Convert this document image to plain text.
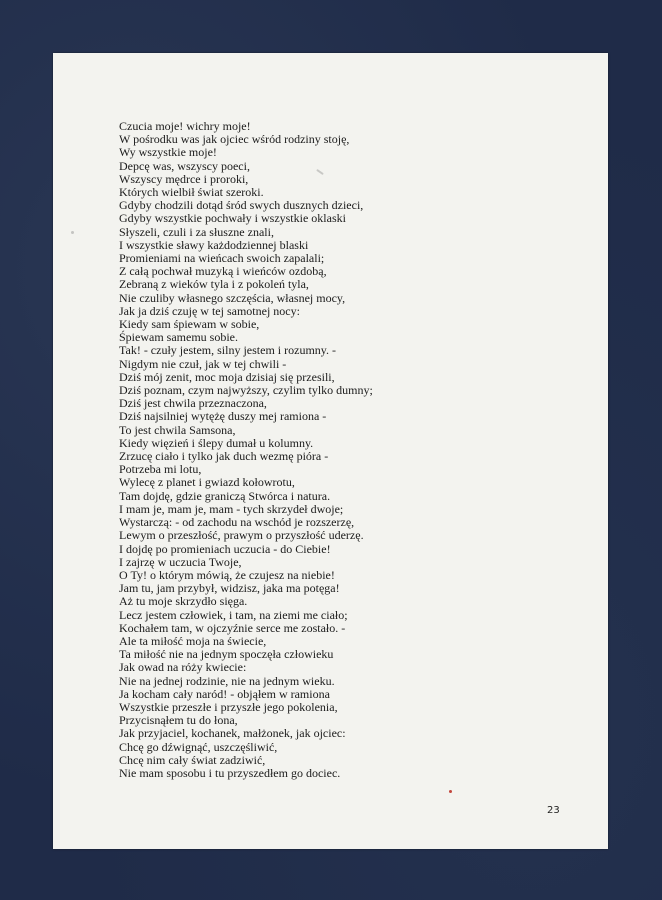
Czucia moje! wichry moje!
W pośrodku was jak ojciec wśród rodziny stoję,
Wy wszystkie moje!
Depcę was, wszyscy poeci,
Wszyscy mędrce i proroki,
Których wielbił świat szeroki.
Gdyby chodzili dotąd śród swych dusznych dzieci,
Gdyby wszystkie pochwały i wszystkie oklaski
Słyszeli, czuli i za słuszne znali,
I wszystkie sławy każdodziennej blaski
Promieniami na wieńcach swoich zapalali;
Z całą pochwał muzyką i wieńców ozdobą,
Zebraną z wieków tyla i z pokoleń tyla,
Nie czuliby własnego szczęścia, własnej mocy,
Jak ja dziś czuję w tej samotnej nocy:
Kiedy sam śpiewam w sobie,
Śpiewam samemu sobie.
Tak! - czuły jestem, silny jestem i rozumny. -
Nigdym nie czuł, jak w tej chwili -
Dziś mój zenit, moc moja dzisiaj się przesili,
Dziś poznam, czym najwyższy, czylim tylko dumny;
Dziś jest chwila przeznaczona,
Dziś najsilniej wytężę duszy mej ramiona -
To jest chwila Samsona,
Kiedy więzień i ślepy dumał u kolumny.
Zrzucę ciało i tylko jak duch wezmę pióra -
Potrzeba mi lotu,
Wylecę z planet i gwiazd kołowrotu,
Tam dojdę, gdzie graniczą Stwórca i natura.
I mam je, mam je, mam - tych skrzydeł dwoje;
Wystarczą: - od zachodu na wschód je rozszerzę,
Lewym o przeszłość, prawym o przyszłość uderzę.
I dojdę po promieniach uczucia - do Ciebie!
I zajrzę w uczucia Twoje,
O Ty! o którym mówią, że czujesz na niebie!
Jam tu, jam przybył, widzisz, jaka ma potęga!
Aż tu moje skrzydło sięga.
Lecz jestem człowiek, i tam, na ziemi me ciało;
Kochałem tam, w ojczyźnie serce me zostało. -
Ale ta miłość moja na świecie,
Ta miłość nie na jednym spoczęła człowieku
Jak owad na róży kwiecie:
Nie na jednej rodzinie, nie na jednym wieku.
Ja kocham cały naród! - objąłem w ramiona
Wszystkie przeszłe i przyszłe jego pokolenia,
Przycisnąłem tu do łona,
Jak przyjaciel, kochanek, małżonek, jak ojciec:
Chcę go dźwignąć, uszczęśliwić,
Chcę nim cały świat zadziwić,
Nie mam sposobu i tu przyszedłem go dociec.
23
